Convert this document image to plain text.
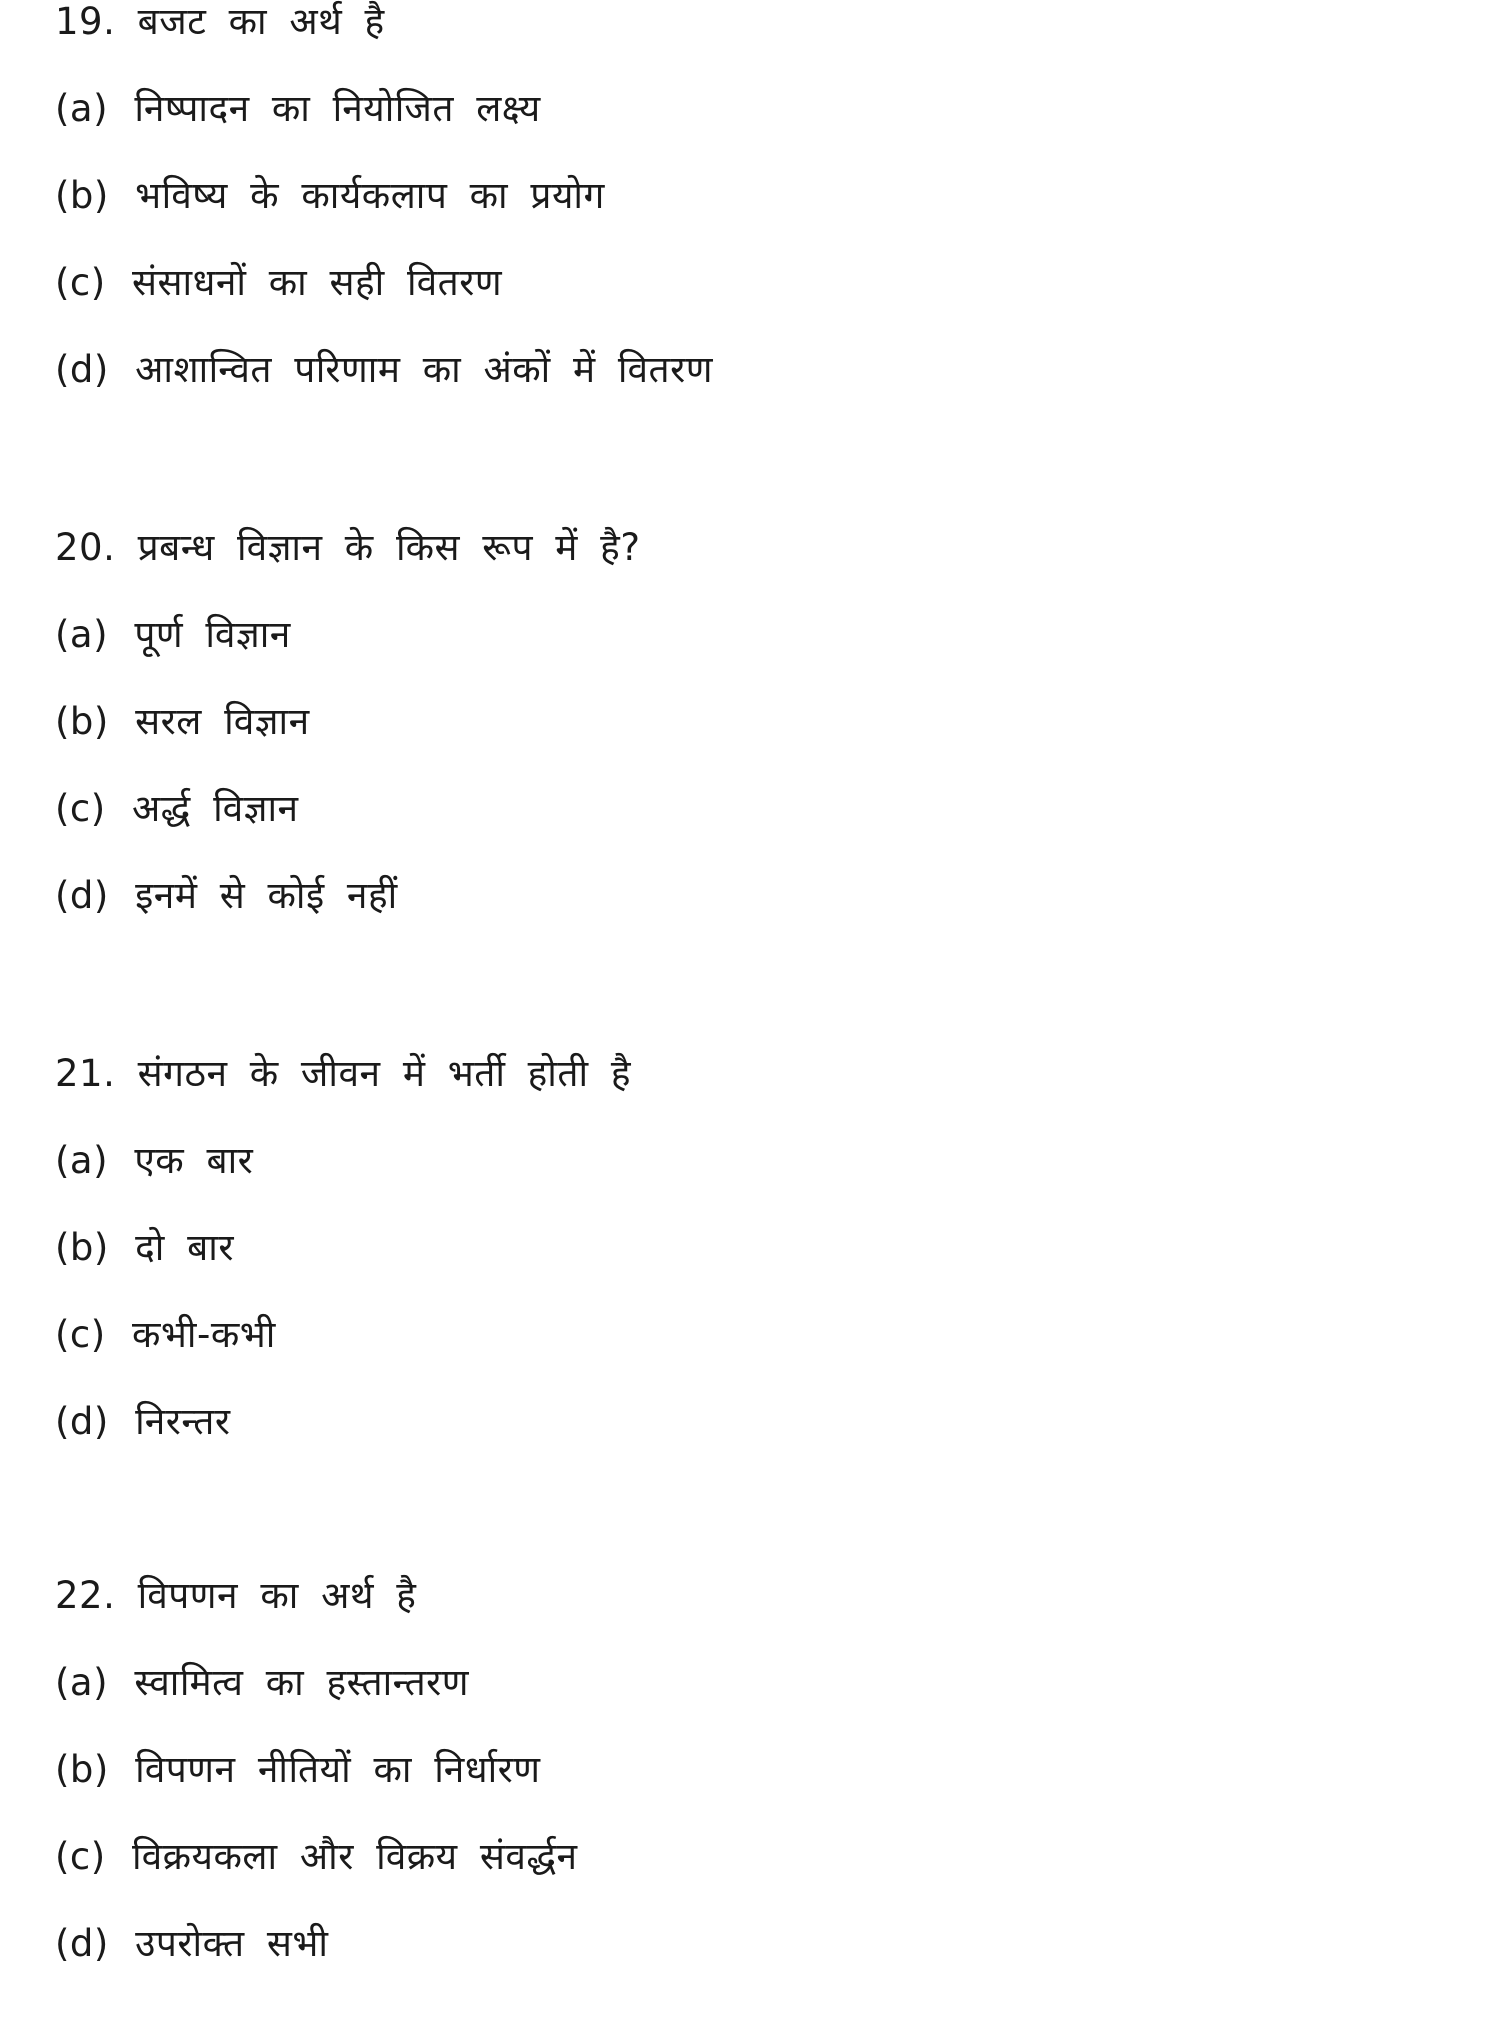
19. बजट का अर्थ है

(a) निष्पादन का नियोजित लक्ष्य

(b) भविष्य के कार्यकलाप का प्रयोग

(c) संसाधनों का सही वितरण

(d) आशान्वित परिणाम का अंकों में वितरण

20. प्रबन्ध विज्ञान के किस रूप में है?

(a) पूर्ण विज्ञान

(b) सरल विज्ञान

(c) अर्द्ध विज्ञान

(d) इनमें से कोई नहीं

21. संगठन के जीवन में भर्ती होती है

(a) एक बार

(b) दो बार

(c) कभी-कभी

(d) निरन्तर

22. विपणन का अर्थ है

(a) स्वामित्व का हस्तान्तरण

(b) विपणन नीतियों का निर्धारण

(c) विक्रयकला और विक्रय संवर्द्धन

(d) उपरोक्त सभी
